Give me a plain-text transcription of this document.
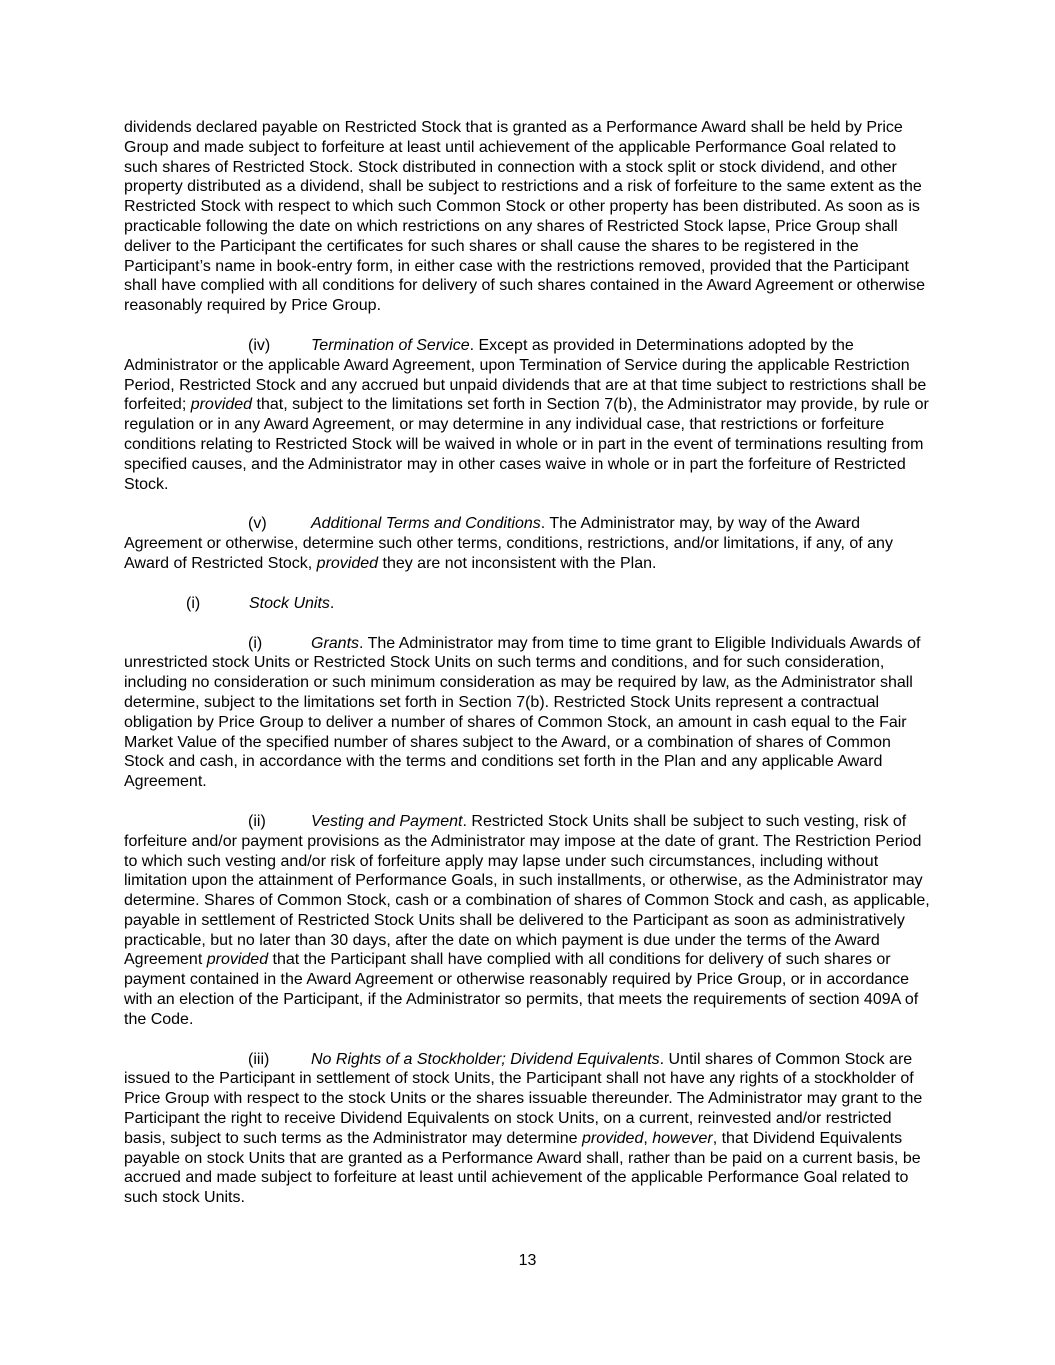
dividends declared payable on Restricted Stock that is granted as a Performance Award shall be held by Price Group and made subject to forfeiture at least until achievement of the applicable Performance Goal related to such shares of Restricted Stock. Stock distributed in connection with a stock split or stock dividend, and other property distributed as a dividend, shall be subject to restrictions and a risk of forfeiture to the same extent as the Restricted Stock with respect to which such Common Stock or other property has been distributed. As soon as is practicable following the date on which restrictions on any shares of Restricted Stock lapse, Price Group shall deliver to the Participant the certificates for such shares or shall cause the shares to be registered in the Participant’s name in book-entry form, in either case with the restrictions removed, provided that the Participant shall have complied with all conditions for delivery of such shares contained in the Award Agreement or otherwise reasonably required by Price Group.

(iv)	Termination of Service. Except as provided in Determinations adopted by the Administrator or the applicable Award Agreement, upon Termination of Service during the applicable Restriction Period, Restricted Stock and any accrued but unpaid dividends that are at that time subject to restrictions shall be forfeited; provided that, subject to the limitations set forth in Section 7(b), the Administrator may provide, by rule or regulation or in any Award Agreement, or may determine in any individual case, that restrictions or forfeiture conditions relating to Restricted Stock will be waived in whole or in part in the event of terminations resulting from specified causes, and the Administrator may in other cases waive in whole or in part the forfeiture of Restricted Stock.

(v)	Additional Terms and Conditions. The Administrator may, by way of the Award Agreement or otherwise, determine such other terms, conditions, restrictions, and/or limitations, if any, of any Award of Restricted Stock, provided they are not inconsistent with the Plan.

(i)	Stock Units.

(i)	Grants. The Administrator may from time to time grant to Eligible Individuals Awards of unrestricted stock Units or Restricted Stock Units on such terms and conditions, and for such consideration, including no consideration or such minimum consideration as may be required by law, as the Administrator shall determine, subject to the limitations set forth in Section 7(b). Restricted Stock Units represent a contractual obligation by Price Group to deliver a number of shares of Common Stock, an amount in cash equal to the Fair Market Value of the specified number of shares subject to the Award, or a combination of shares of Common Stock and cash, in accordance with the terms and conditions set forth in the Plan and any applicable Award Agreement.

(ii)	Vesting and Payment. Restricted Stock Units shall be subject to such vesting, risk of forfeiture and/or payment provisions as the Administrator may impose at the date of grant. The Restriction Period to which such vesting and/or risk of forfeiture apply may lapse under such circumstances, including without limitation upon the attainment of Performance Goals, in such installments, or otherwise, as the Administrator may determine. Shares of Common Stock, cash or a combination of shares of Common Stock and cash, as applicable, payable in settlement of Restricted Stock Units shall be delivered to the Participant as soon as administratively practicable, but no later than 30 days, after the date on which payment is due under the terms of the Award Agreement provided that the Participant shall have complied with all conditions for delivery of such shares or payment contained in the Award Agreement or otherwise reasonably required by Price Group, or in accordance with an election of the Participant, if the Administrator so permits, that meets the requirements of section 409A of the Code.

(iii)	No Rights of a Stockholder; Dividend Equivalents. Until shares of Common Stock are issued to the Participant in settlement of stock Units, the Participant shall not have any rights of a stockholder of Price Group with respect to the stock Units or the shares issuable thereunder. The Administrator may grant to the Participant the right to receive Dividend Equivalents on stock Units, on a current, reinvested and/or restricted basis, subject to such terms as the Administrator may determine provided, however, that Dividend Equivalents payable on stock Units that are granted as a Performance Award shall, rather than be paid on a current basis, be accrued and made subject to forfeiture at least until achievement of the applicable Performance Goal related to such stock Units.

13
